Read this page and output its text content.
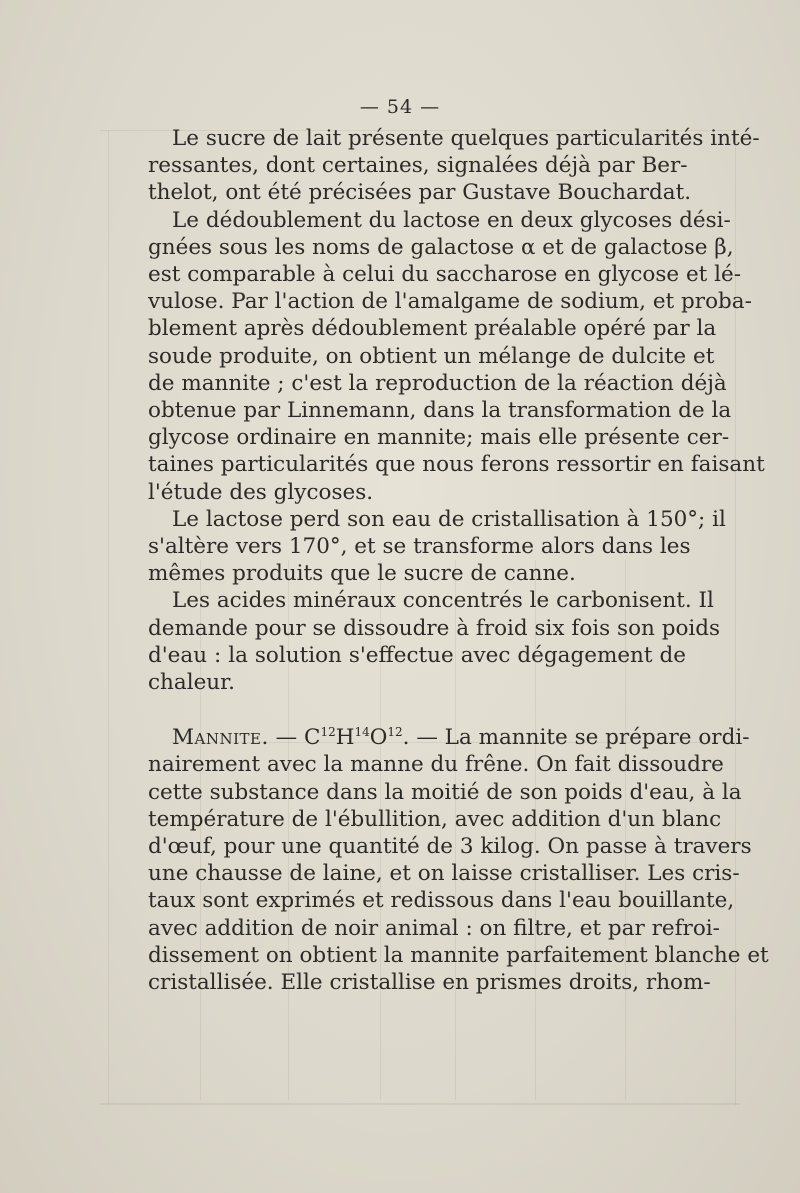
— 54 —

Le sucre de lait présente quelques particularités inté-
ressantes, dont certaines, signalées déjà par Ber-
thelot, ont été précisées par Gustave Bouchardat.

Le dédoublement du lactose en deux glycoses dési-
gnées sous les noms de galactose α et de galactose β,
est comparable à celui du saccharose en glycose et lé-
vulose. Par l'action de l'amalgame de sodium, et proba-
blement après dédoublement préalable opéré par la
soude produite, on obtient un mélange de dulcite et
de mannite ; c'est la reproduction de la réaction déjà
obtenue par Linnemann, dans la transformation de la
glycose ordinaire en mannite; mais elle présente cer-
taines particularités que nous ferons ressortir en faisant
l'étude des glycoses.

Le lactose perd son eau de cristallisation à 150°; il
s'altère vers 170°, et se transforme alors dans les
mêmes produits que le sucre de canne.

Les acides minéraux concentrés le carbonisent. Il
demande pour se dissoudre à froid six fois son poids
d'eau : la solution s'effectue avec dégagement de
chaleur.

Mannite. — $C^{12}H^{14}O^{12}$. — La mannite se prépare ordi-
nairement avec la manne du frêne. On fait dissoudre
cette substance dans la moitié de son poids d'eau, à la
température de l'ébullition, avec addition d'un blanc
d'œuf, pour une quantité de 3 kilog. On passe à travers
une chausse de laine, et on laisse cristalliser. Les cris-
taux sont exprimés et redissous dans l'eau bouillante,
avec addition de noir animal : on filtre, et par refroi-
dissement on obtient la mannite parfaitement blanche et
cristallisée. Elle cristallise en prismes droits, rhom-
